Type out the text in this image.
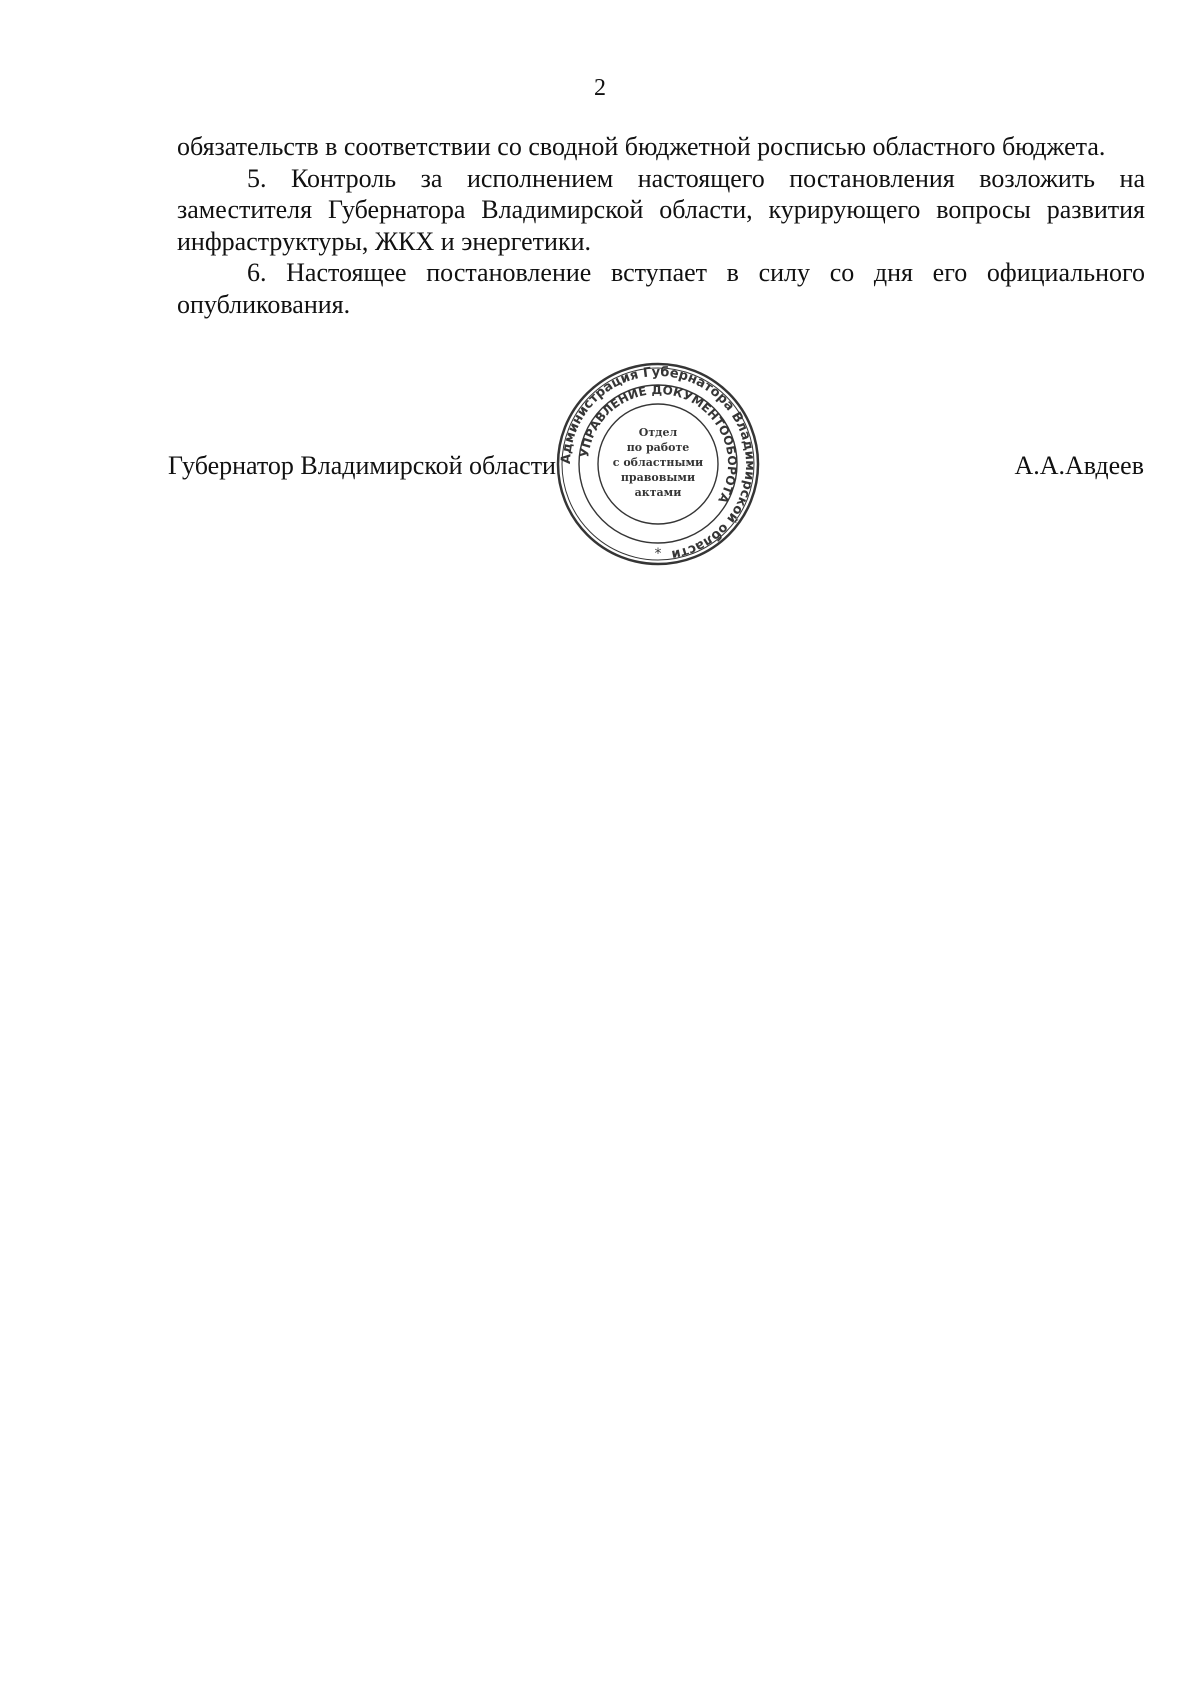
2

обязательств в соответствии со сводной бюджетной росписью областного бюджета.

5. Контроль за исполнением настоящего постановления возложить на заместителя Губернатора Владимирской области, курирующего вопросы развития инфраструктуры, ЖКХ и энергетики.

6. Настоящее постановление вступает в силу со дня его официального опубликования.

Губернатор Владимирской области	А.А.Авдеев
Администрация Губернатора Владимирской области
УПРАВЛЕНИЕ ДОКУМЕНТООБОРОТА
Отдел
по работе
с областными
правовыми
актами
*
